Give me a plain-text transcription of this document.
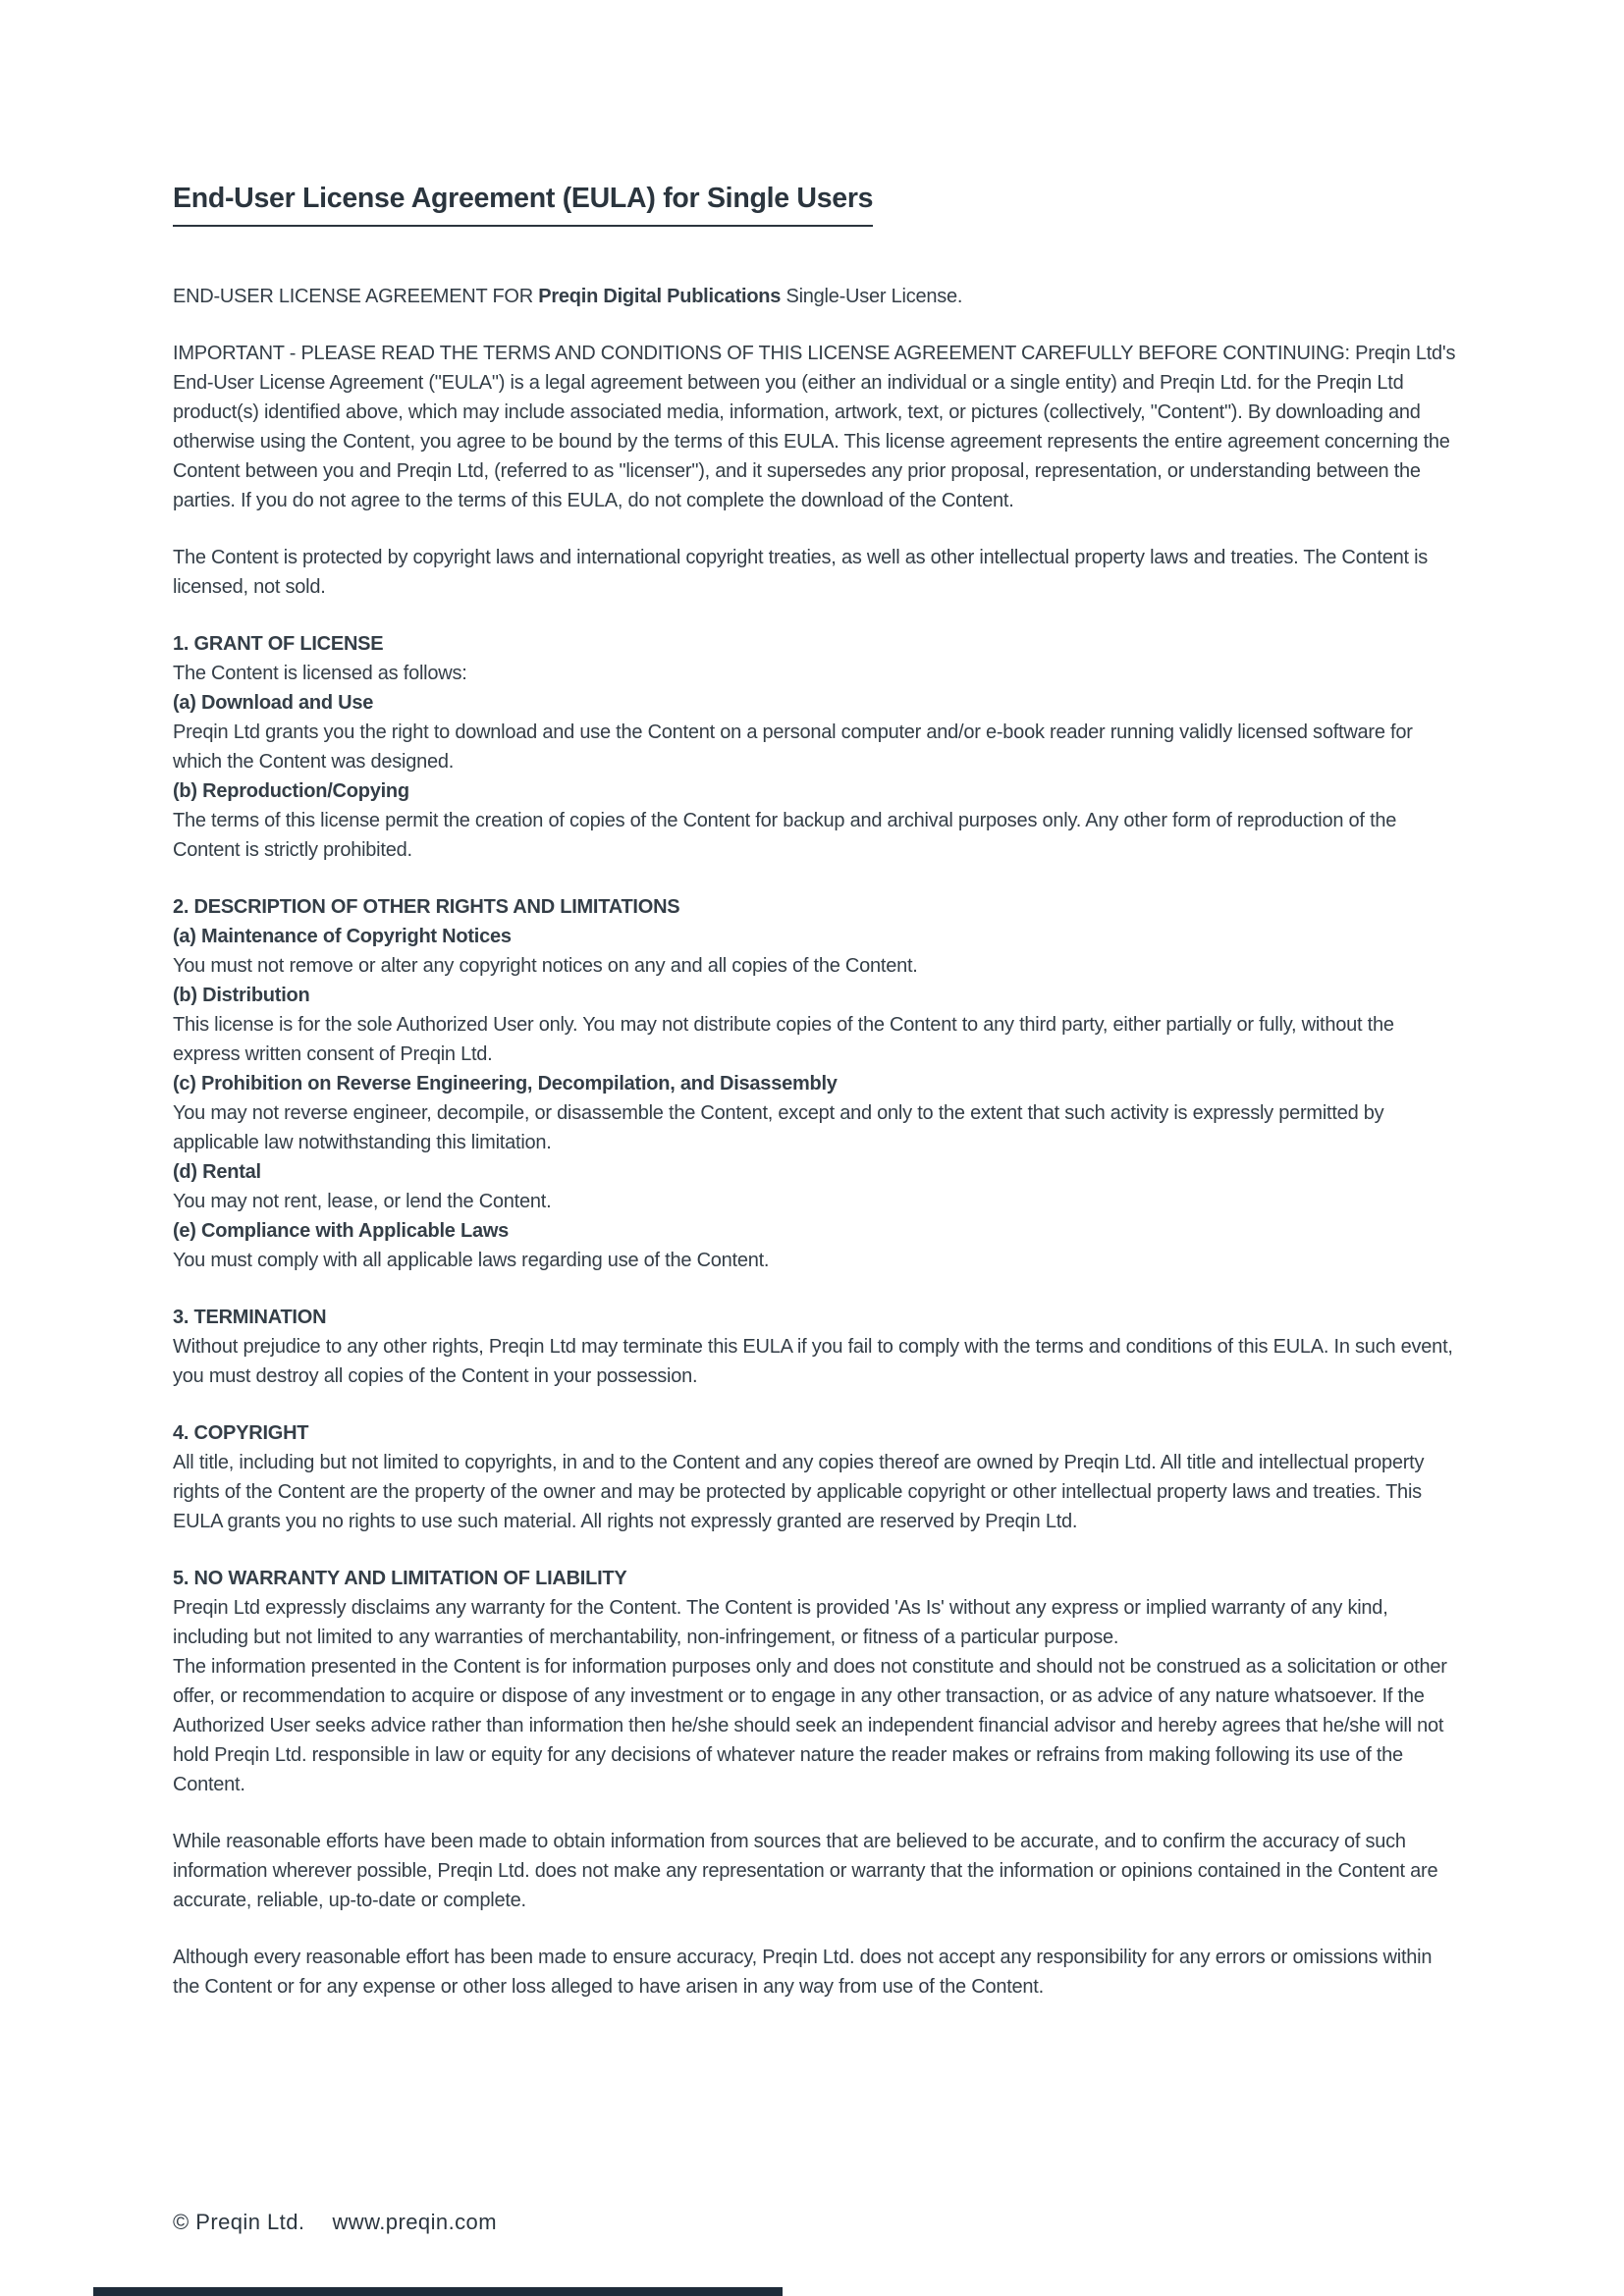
End-User License Agreement (EULA) for Single Users

END-USER LICENSE AGREEMENT FOR Preqin Digital Publications Single-User License.

IMPORTANT - PLEASE READ THE TERMS AND CONDITIONS OF THIS LICENSE AGREEMENT CAREFULLY BEFORE CONTINUING: Preqin Ltd's End-User License Agreement ("EULA") is a legal agreement between you (either an individual or a single entity) and Preqin Ltd. for the Preqin Ltd product(s) identified above, which may include associated media, information, artwork, text, or pictures (collectively, "Content"). By downloading and otherwise using the Content, you agree to be bound by the terms of this EULA. This license agreement represents the entire agreement concerning the Content between you and Preqin Ltd, (referred to as "licenser"), and it supersedes any prior proposal, representation, or understanding between the parties. If you do not agree to the terms of this EULA, do not complete the download of the Content.

The Content is protected by copyright laws and international copyright treaties, as well as other intellectual property laws and treaties. The Content is licensed, not sold.

1. GRANT OF LICENSE

The Content is licensed as follows:

(a) Download and Use

Preqin Ltd grants you the right to download and use the Content on a personal computer and/or e-book reader running validly licensed software for which the Content was designed.

(b) Reproduction/Copying

The terms of this license permit the creation of copies of the Content for backup and archival purposes only. Any other form of reproduction of the Content is strictly prohibited.

2. DESCRIPTION OF OTHER RIGHTS AND LIMITATIONS

(a) Maintenance of Copyright Notices

You must not remove or alter any copyright notices on any and all copies of the Content.

(b) Distribution

This license is for the sole Authorized User only. You may not distribute copies of the Content to any third party, either partially or fully, without the express written consent of Preqin Ltd.

(c) Prohibition on Reverse Engineering, Decompilation, and Disassembly

You may not reverse engineer, decompile, or disassemble the Content, except and only to the extent that such activity is expressly permitted by applicable law notwithstanding this limitation.

(d) Rental

You may not rent, lease, or lend the Content.

(e) Compliance with Applicable Laws

You must comply with all applicable laws regarding use of the Content.

3. TERMINATION

Without prejudice to any other rights, Preqin Ltd may terminate this EULA if you fail to comply with the terms and conditions of this EULA. In such event, you must destroy all copies of the Content in your possession.

4. COPYRIGHT

All title, including but not limited to copyrights, in and to the Content and any copies thereof are owned by Preqin Ltd. All title and intellectual property rights of the Content are the property of the owner and may be protected by applicable copyright or other intellectual property laws and treaties. This EULA grants you no rights to use such material. All rights not expressly granted are reserved by Preqin Ltd.

5. NO WARRANTY AND LIMITATION OF LIABILITY

Preqin Ltd expressly disclaims any warranty for the Content. The Content is provided 'As Is' without any express or implied warranty of any kind, including but not limited to any warranties of merchantability, non-infringement, or fitness of a particular purpose.

The information presented in the Content is for information purposes only and does not constitute and should not be construed as a solicitation or other offer, or recommendation to acquire or dispose of any investment or to engage in any other transaction, or as advice of any nature whatsoever. If the Authorized User seeks advice rather than information then he/she should seek an independent financial advisor and hereby agrees that he/she will not hold Preqin Ltd. responsible in law or equity for any decisions of whatever nature the reader makes or refrains from making following its use of the Content.

While reasonable efforts have been made to obtain information from sources that are believed to be accurate, and to confirm the accuracy of such information wherever possible, Preqin Ltd. does not make any representation or warranty that the information or opinions contained in the Content are accurate, reliable, up-to-date or complete.

Although every reasonable effort has been made to ensure accuracy, Preqin Ltd. does not accept any responsibility for any errors or omissions within the Content or for any expense or other loss alleged to have arisen in any way from use of the Content.

© Preqin Ltd. www.preqin.com
